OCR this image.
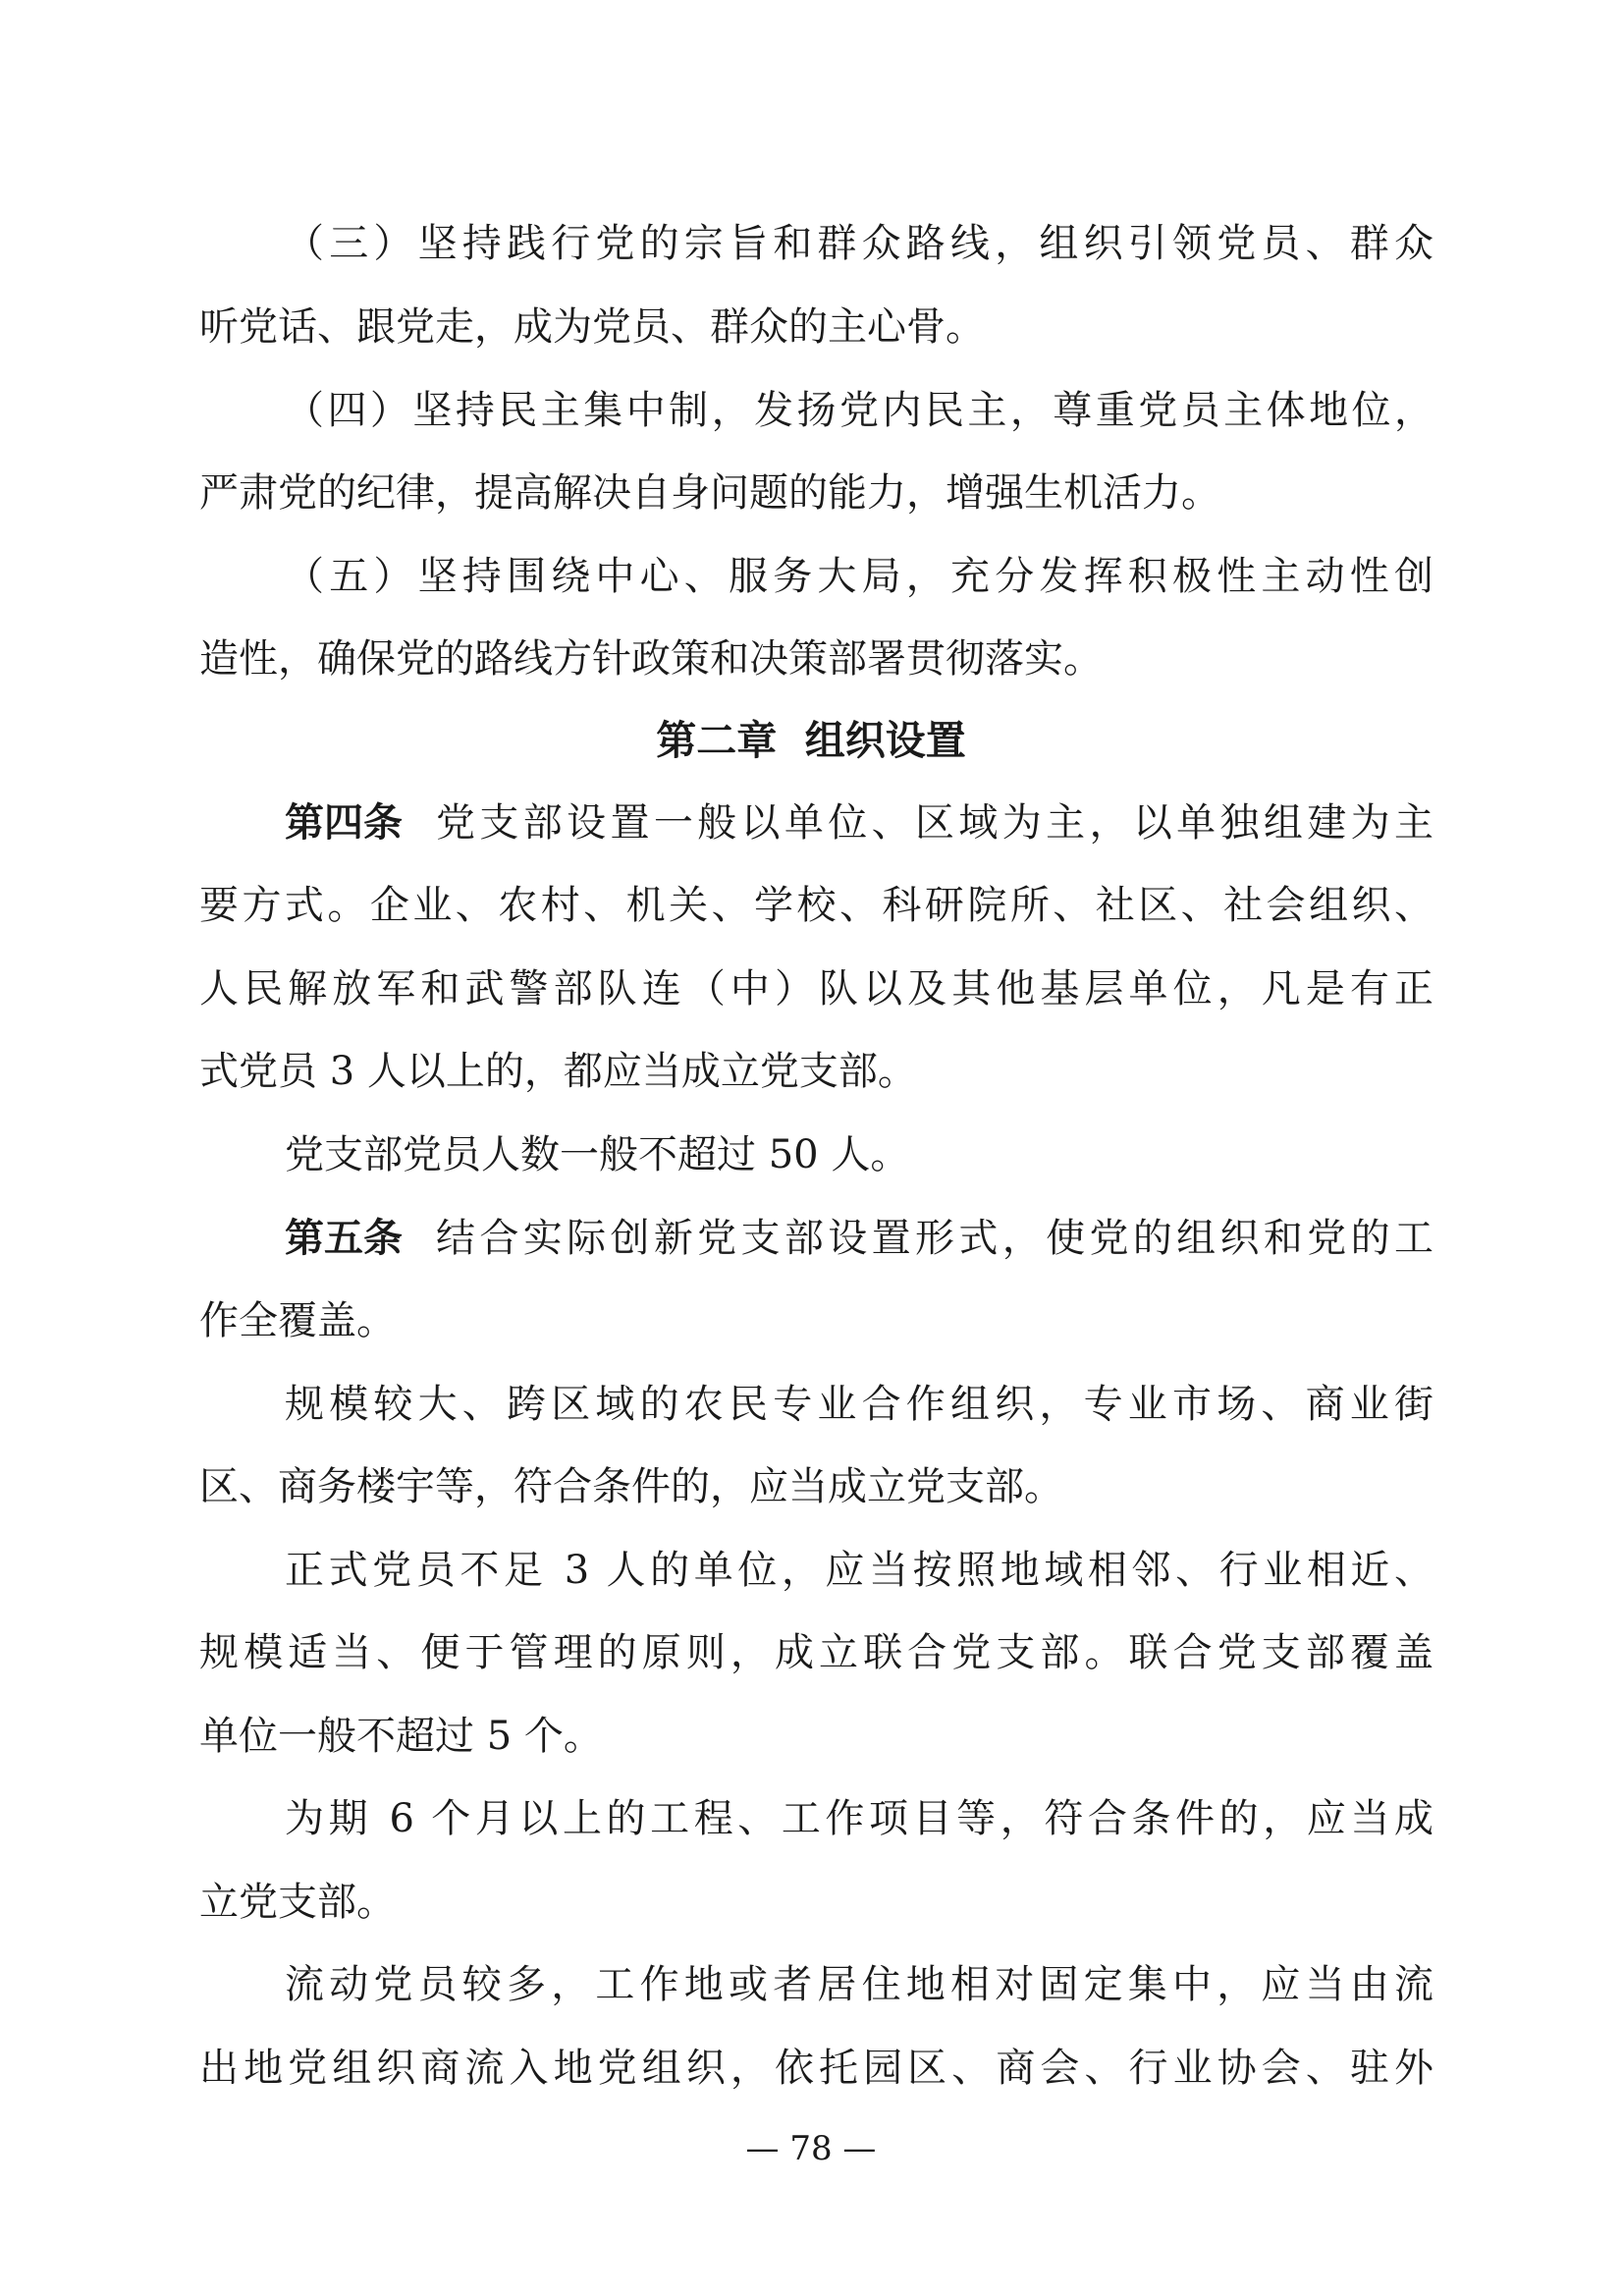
（三）坚持践行党的宗旨和群众路线，组织引领党员、群众
听党话、跟党走，成为党员、群众的主心骨。
（四）坚持民主集中制，发扬党内民主，尊重党员主体地位，
严肃党的纪律，提高解决自身问题的能力，增强生机活力。
（五）坚持围绕中心、服务大局，充分发挥积极性主动性创
造性，确保党的路线方针政策和决策部署贯彻落实。
第二章  组织设置
第四条 党支部设置一般以单位、区域为主，以单独组建为主
要方式。企业、农村、机关、学校、科研院所、社区、社会组织、
人民解放军和武警部队连（中）队以及其他基层单位，凡是有正
式党员 3 人以上的，都应当成立党支部。
党支部党员人数一般不超过 50 人。
第五条 结合实际创新党支部设置形式，使党的组织和党的工
作全覆盖。
规模较大、跨区域的农民专业合作组织，专业市场、商业街
区、商务楼宇等，符合条件的，应当成立党支部。
正式党员不足 3 人的单位，应当按照地域相邻、行业相近、
规模适当、便于管理的原则，成立联合党支部。联合党支部覆盖
单位一般不超过 5 个。
为期 6 个月以上的工程、工作项目等，符合条件的，应当成
立党支部。
流动党员较多，工作地或者居住地相对固定集中，应当由流
出地党组织商流入地党组织，依托园区、商会、行业协会、驻外
— 78 —
